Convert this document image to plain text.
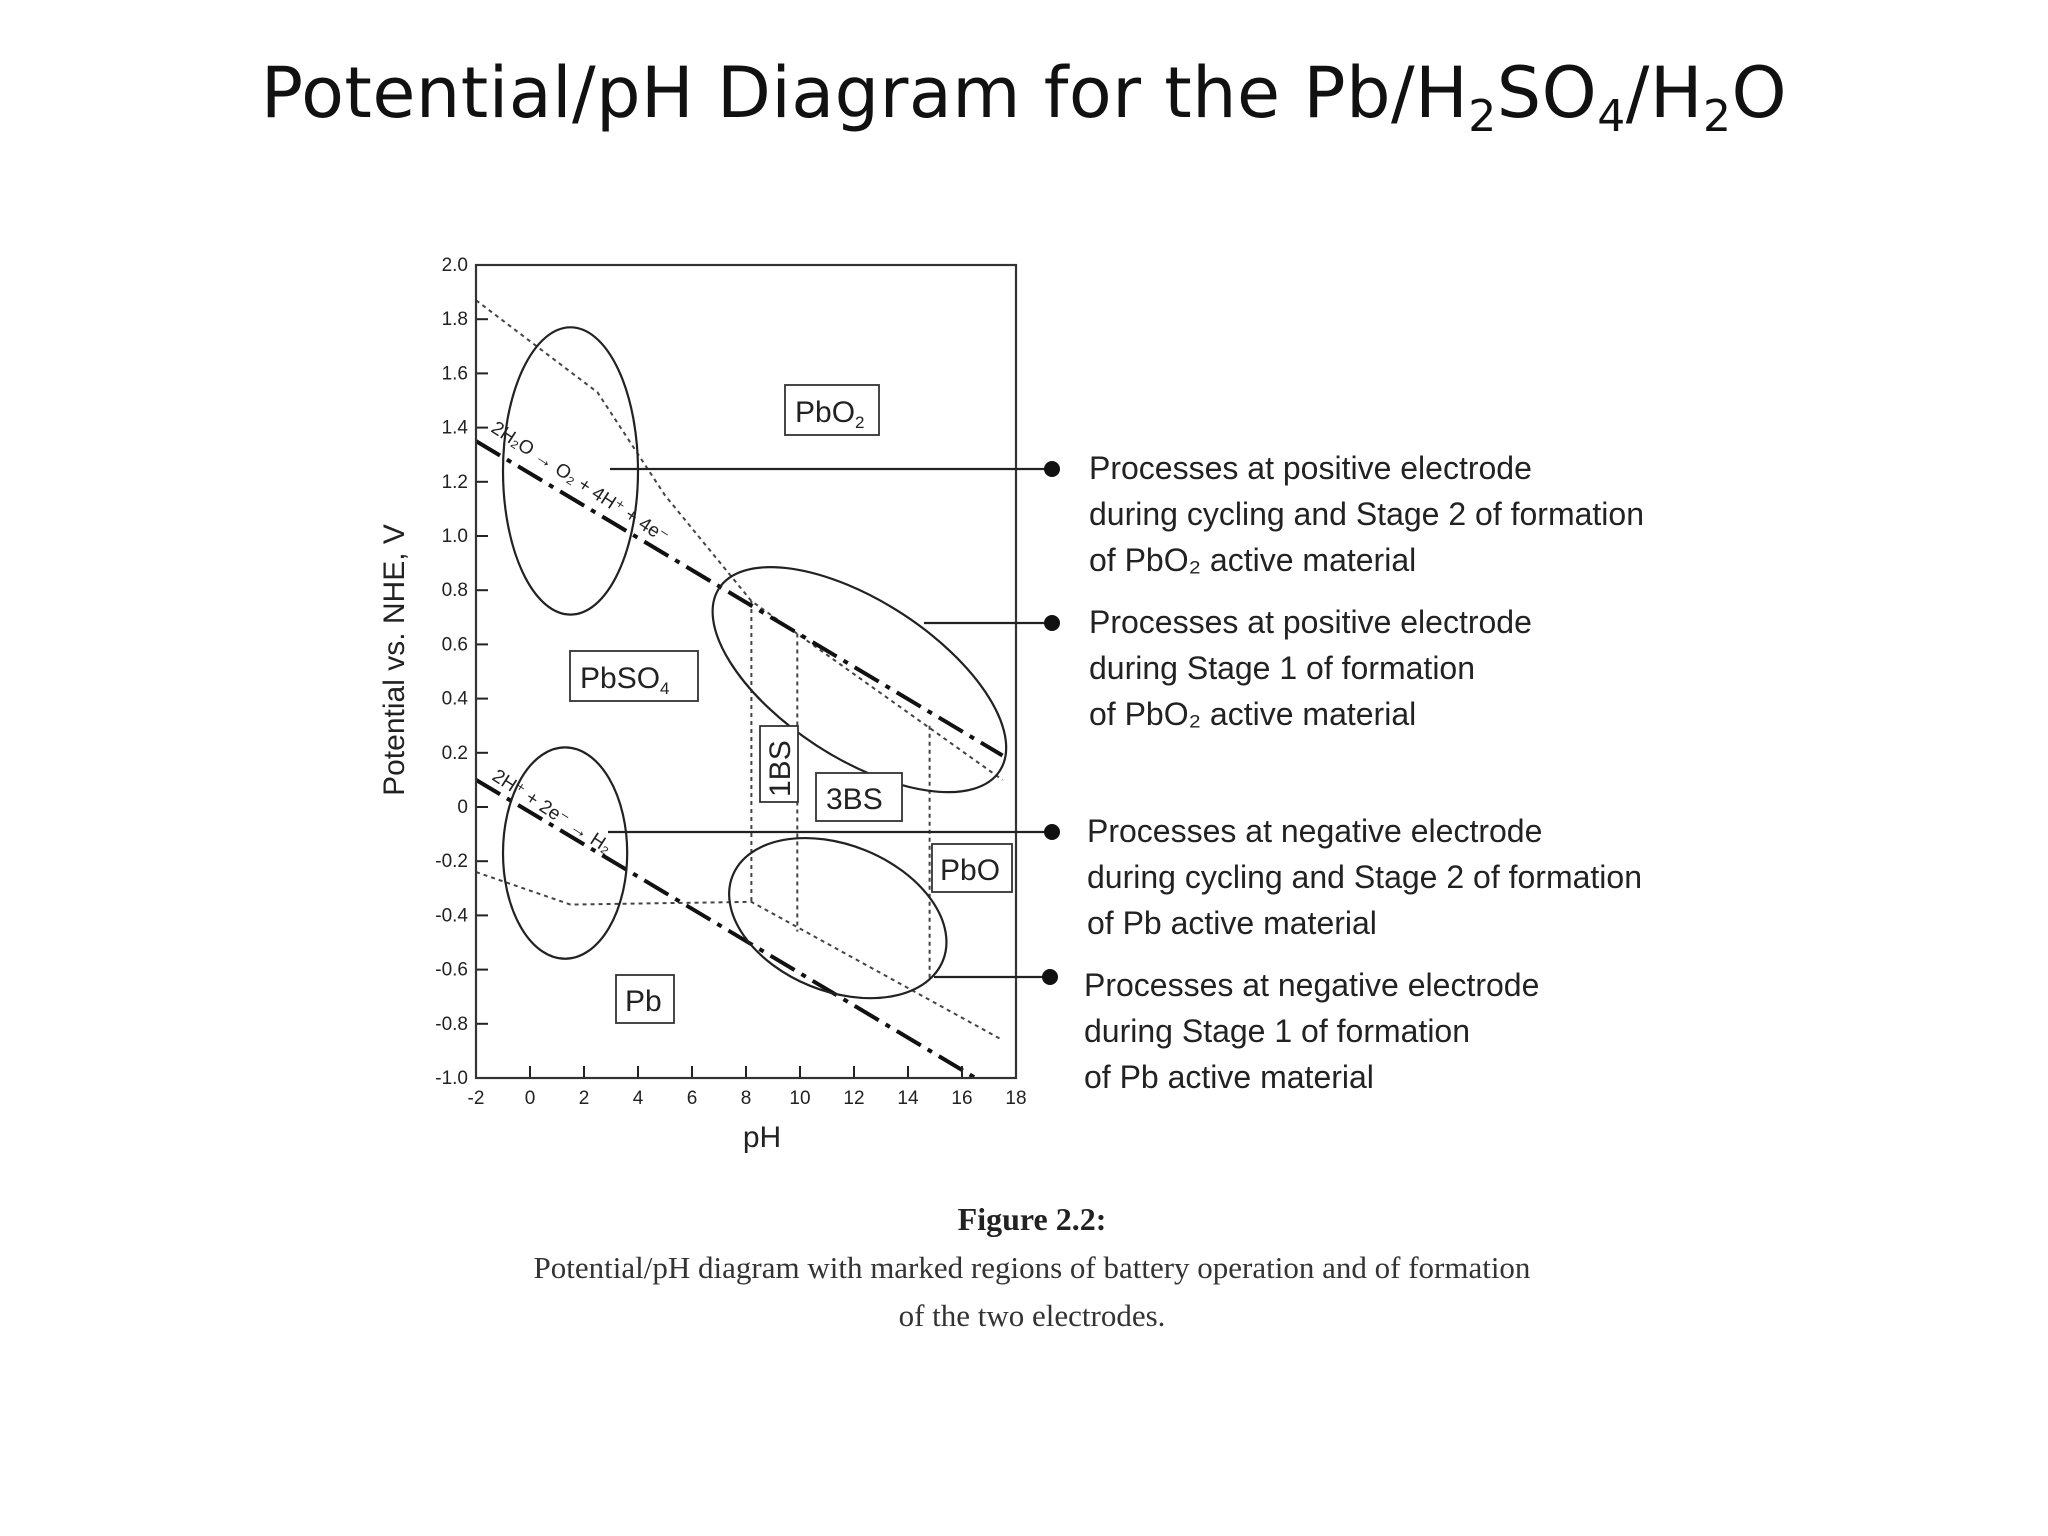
Potential/pH Diagram for the $Pb/H_2SO_4/H_2O$
2.0
1.8
1.6
1.4
1.2
1.0
0.8
0.6
0.4
0.2
0
-0.2
-0.4
-0.6
-0.8
-1.0
-2 0 2 4 6 8 10 12 14 16 18
pH
Potential vs. NHE, V
PbO$_2$
PbSO$_4$
1BS
3BS
PbO
Pb
2H₂O → O₂ + 4H⁺ + 4e⁻
2H⁺ + 2e⁻ → H₂
Processes at positive electrode
during cycling and Stage 2 of formation
of PbO₂ active material
Processes at positive electrode
during Stage 1 of formation
of PbO₂ active material
Processes at negative electrode
during cycling and Stage 2 of formation
of Pb active material
Processes at negative electrode
during Stage 1 of formation
of Pb active material
Figure 2.2:
Potential/pH diagram with marked regions of battery operation and of formation
of the two electrodes.
